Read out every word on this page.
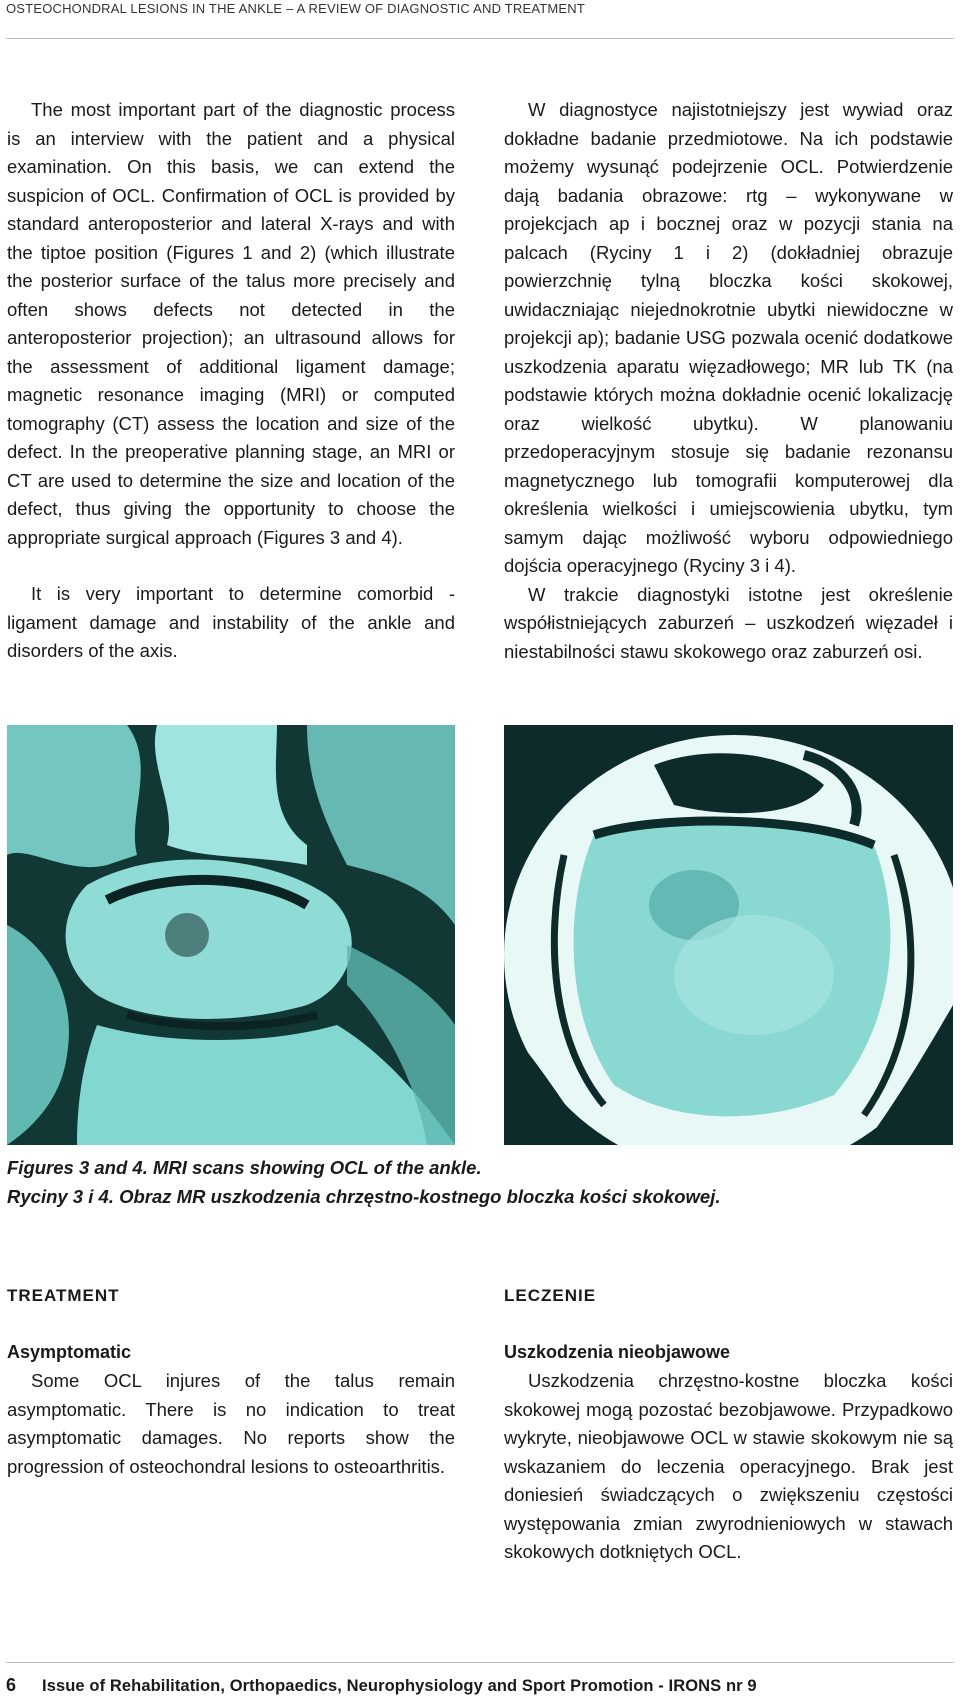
OSTEOCHONDRAL LESIONS IN THE ANKLE – A REVIEW OF DIAGNOSTIC AND TREATMENT

The most important part of the diagnostic process is an interview with the patient and a physical examination. On this basis, we can extend the suspicion of OCL. Confirmation of OCL is provided by standard anteroposterior and lateral X-rays and with the tiptoe position (Figures 1 and 2) (which illustrate the posterior surface of the talus more precisely and often shows defects not detected in the anteroposterior projection); an ultrasound allows for the assessment of additional ligament damage; magnetic resonance imaging (MRI) or computed tomography (CT) assess the location and size of the defect. In the preoperative planning stage, an MRI or CT are used to determine the size and location of the defect, thus giving the opportunity to choose the appropriate surgical approach (Figures 3 and 4).

It is very important to determine comorbid - ligament damage and instability of the ankle and disorders of the axis.

W diagnostyce najistotniejszy jest wywiad oraz dokładne badanie przedmiotowe. Na ich podstawie możemy wysunąć podejrzenie OCL. Potwierdzenie dają badania obrazowe: rtg – wykonywane w projekcjach ap i bocznej oraz w pozycji stania na palcach (Ryciny 1 i 2) (dokładniej obrazuje powierzchnię tylną bloczka kości skokowej, uwidaczniając niejednokrotnie ubytki niewidoczne w projekcji ap); badanie USG pozwala ocenić dodatkowe uszkodzenia aparatu więzadłowego; MR lub TK (na podstawie których można dokładnie ocenić lokalizację oraz wielkość ubytku). W planowaniu przedoperacyjnym stosuje się badanie rezonansu magnetycznego lub tomografii komputerowej dla określenia wielkości i umiejscowienia ubytku, tym samym dając możliwość wyboru odpowiedniego dojścia operacyjnego (Ryciny 3 i 4).

W trakcie diagnostyki istotne jest określenie współistniejących zaburzeń – uszkodzeń więzadeł i niestabilności stawu skokowego oraz zaburzeń osi.

Figures 3 and 4. MRI scans showing OCL of the ankle.
Ryciny 3 i 4. Obraz MR uszkodzenia chrzęstno-kostnego bloczka kości skokowej.
TREATMENT	LECZENIE
Asymptomatic	Uszkodzenia nieobjawowe

Some OCL injures of the talus remain asymptomatic. There is no indication to treat asymptomatic damages. No reports show the progression of osteochondral lesions to osteoarthritis.

Uszkodzenia chrzęstno-kostne bloczka kości skokowej mogą pozostać bezobjawowe. Przypadkowo wykryte, nieobjawowe OCL w stawie skokowym nie są wskazaniem do leczenia operacyjnego. Brak jest doniesień świadczących o zwiększeniu częstości występowania zmian zwyrodnieniowych w stawach skokowych dotkniętych OCL.

6 Issue of Rehabilitation, Orthopaedics, Neurophysiology and Sport Promotion - IRONS nr 9
